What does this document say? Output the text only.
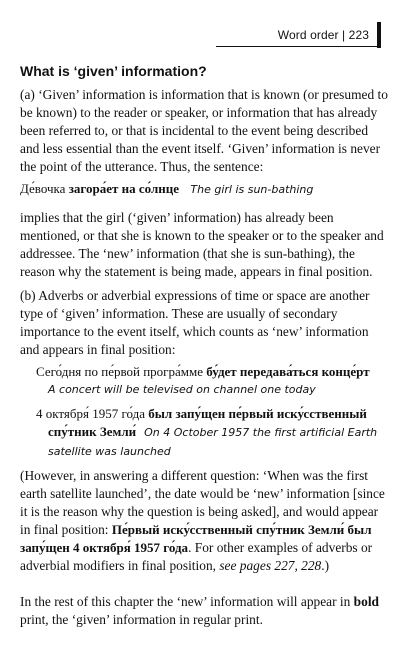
Word order | 223
What is ‘given’ information?

(a) ‘Given’ information is information that is known (or presumed to be known) to the reader or speaker, or information that has already been referred to, or that is incidental to the event being described and less essential than the event itself. ‘Given’ information is never the point of the utterance. Thus, the sentence:

Де́вочка загора́ет на со́лнце The girl is sun-bathing

implies that the girl (‘given’ information) has already been mentioned, or that she is known to the speaker or to the speaker and addressee. The ‘new’ information (that she is sun-bathing), the reason why the statement is being made, appears in final position.

(b) Adverbs or adverbial expressions of time or space are another type of ‘given’ information. These are usually of secondary importance to the event itself, which counts as ‘new’ information and appears in final position:

Сего́дня по пе́рвой програ́мме бу́дет передава́ться конце́рт
A concert will be televised on channel one today
4 октября́ 1957 го́да был запу́щен пе́рвый иску́сственный
спу́тник Земли́ On 4 October 1957 the first artificial Earth satellite was launched

(However, in answering a different question: ‘When was the first earth satellite launched’, the date would be ‘new’ information [since it is the reason why the question is being asked], and would appear in final position: Пе́рвый иску́сственный спу́тник Земли́ был запу́щен 4 октября́ 1957 го́да. For other examples of adverbs or adverbial modifiers in final position, see pages 227, 228.)

In the rest of this chapter the ‘new’ information will appear in bold print, the ‘given’ information in regular print.
